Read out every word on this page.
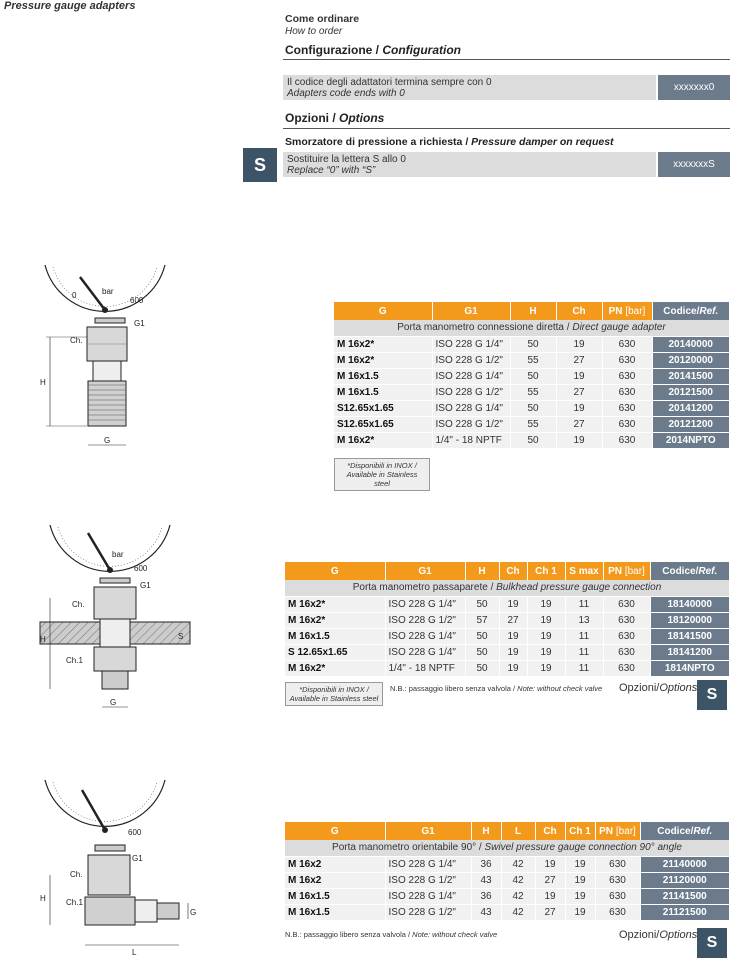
Pressure gauge adapters
Come ordinare
How to order
Configurazione / Configuration
Il codice degli adattatori termina sempre con 0
Adapters code ends with 0
xxxxxxx0
Opzioni / Options
Smorzatore di pressione a richiesta / Pressure damper on request
S	Sostituire la lettera S allo 0
Replace “0” with “S”
xxxxxxxS
0	bar
600
G1
Ch.
H
G
G	G1	H	Ch	PN [bar]	Codice/Ref.
Porta manometro connessione diretta / Direct gauge adapter					
M 16x2*	ISO 228 G 1/4"	50	19	630	20140000
M 16x2*	ISO 228 G 1/2"	55	27	630	20120000
M 16x1.5	ISO 228 G 1/4"	50	19	630	20141500
M 16x1.5	ISO 228 G 1/2"	55	27	630	20121500
S12.65x1.65	ISO 228 G 1/4"	50	19	630	20141200
S12.65x1.65	ISO 228 G 1/2"	55	27	630	20121200
M 16x2*	1/4" - 18 NPTF	50	19	630	2014NPTO
*Disponibili in INOX /
Available in Stainless steel
bar
600
G1
Ch.
S
Ch.1
H
G
G	G1	H	Ch	Ch 1	S max	PN [bar]	Codice/Ref.
Porta manometro passaparete / Bulkhead pressure gauge connection							
M 16x2*	ISO 228 G 1/4"	50	19	19	11	630	18140000
M 16x2*	ISO 228 G 1/2"	57	27	19	13	630	18120000
M 16x1.5	ISO 228 G 1/4"	50	19	19	11	630	18141500
S 12.65x1.65	ISO 228 G 1/4"	50	19	19	11	630	18141200
M 16x2*	1/4" - 18 NPTF	50	19	19	11	630	1814NPTO
*Disponibili in INOX /
Available in Stainless steel
N.B.: passaggio libero senza valvola / Note: without check valve Opzioni/Options S
600
G1
Ch.
Ch.1
H
G
L
G	G1	H	L	Ch	Ch 1	PN [bar]	Codice/Ref.
Porta manometro orientabile 90° / Swivel pressure gauge connection 90° angle							
M 16x2	ISO 228 G 1/4"	36	42	19	19	630	21140000
M 16x2	ISO 228 G 1/2"	43	42	27	19	630	21120000
M 16x1.5	ISO 228 G 1/4"	36	42	19	19	630	21141500
M 16x1.5	ISO 228 G 1/2"	43	42	27	19	630	21121500
N.B.: passaggio libero senza valvola / Note: without check valve	Opzioni/Options S
